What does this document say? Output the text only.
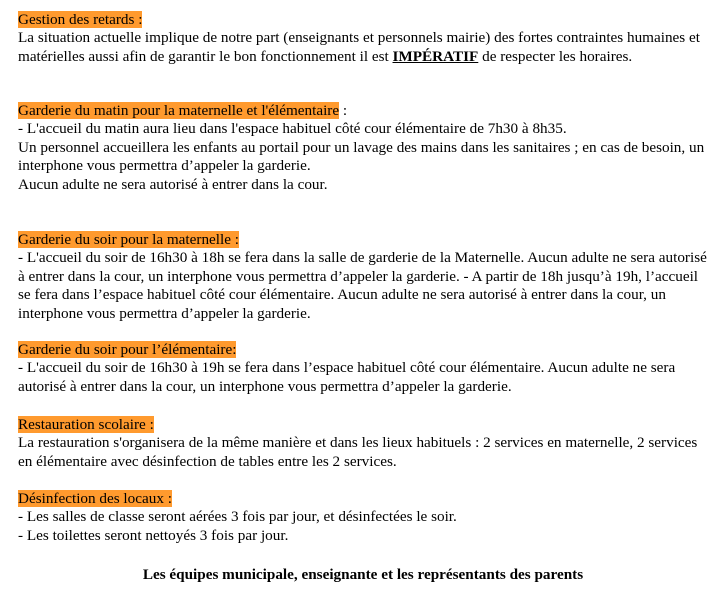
Gestion des retards :

La situation actuelle implique de notre part (enseignants et personnels mairie) des fortes contraintes humaines et matérielles aussi afin de garantir le bon fonctionnement il est IMPÉRATIF de respecter les horaires.

Garderie du matin pour la maternelle et l'élémentaire :

- L'accueil du matin aura lieu dans l'espace habituel côté cour élémentaire de 7h30 à 8h35.

Un personnel accueillera les enfants au portail pour un lavage des mains dans les sanitaires ; en cas de besoin, un interphone vous permettra d’appeler la garderie.

Aucun adulte ne sera autorisé à entrer dans la cour.

Garderie du soir pour la maternelle :

- L'accueil du soir de 16h30 à 18h se fera dans la salle de garderie de la Maternelle. Aucun adulte ne sera autorisé à entrer dans la cour, un interphone vous permettra d’appeler la garderie. - A partir de 18h jusqu’à 19h, l’accueil se fera dans l’espace habituel côté cour élémentaire. Aucun adulte ne sera autorisé à entrer dans la cour, un interphone vous permettra d’appeler la garderie.

Garderie du soir pour l’élémentaire:

- L'accueil du soir de 16h30 à 19h se fera dans l’espace habituel côté cour élémentaire. Aucun adulte ne sera autorisé à entrer dans la cour, un interphone vous permettra d’appeler la garderie.

Restauration scolaire :

La restauration s'organisera de la même manière et dans les lieux habituels : 2 services en maternelle, 2 services en élémentaire avec désinfection de tables entre les 2 services.

Désinfection des locaux :

- Les salles de classe seront aérées 3 fois par jour, et désinfectées le soir.

- Les toilettes seront nettoyés 3 fois par jour.

Les équipes municipale, enseignante et les représentants des parents
